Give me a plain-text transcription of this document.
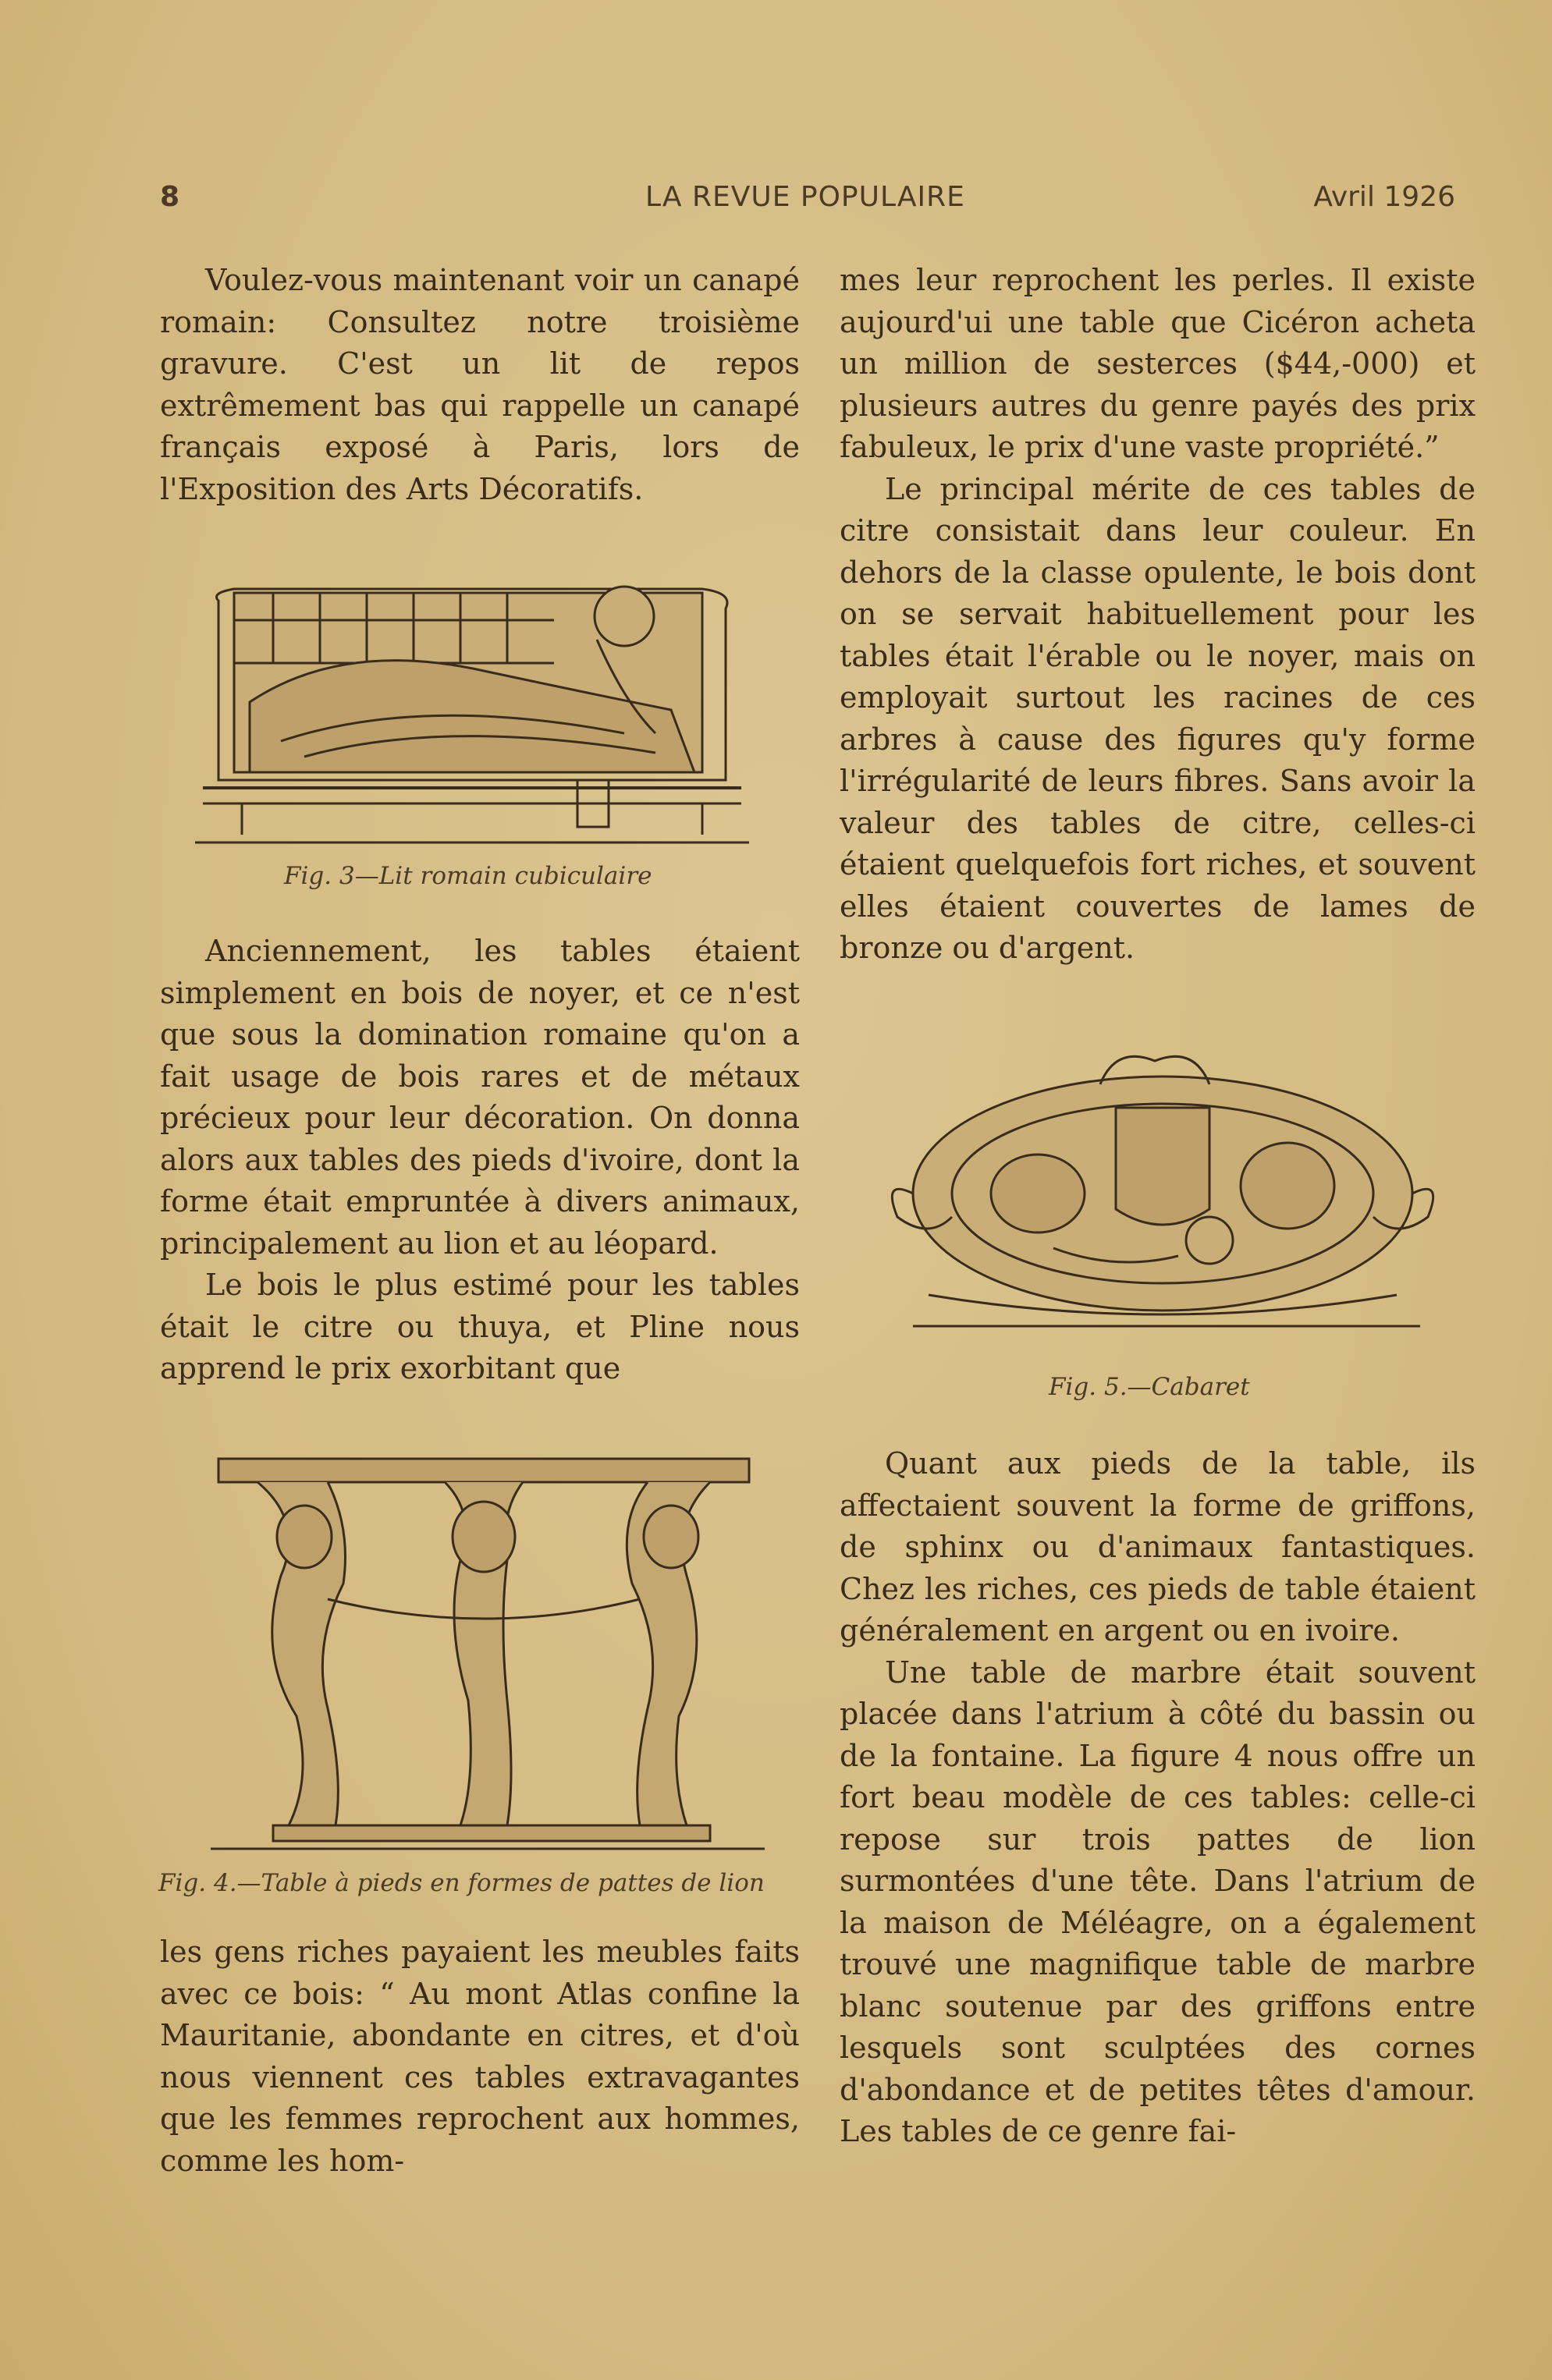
8	LA REVUE POPULAIRE	Avril 1926

Voulez-vous maintenant voir un canapé romain: Consultez notre troisième gravure. C'est un lit de repos extrêmement bas qui rappelle un canapé français exposé à Paris, lors de l'Exposition des Arts Décoratifs.

Fig. 3—Lit romain cubiculaire

Anciennement, les tables étaient simplement en bois de noyer, et ce n'est que sous la domination romaine qu'on a fait usage de bois rares et de métaux précieux pour leur décoration. On donna alors aux tables des pieds d'ivoire, dont la forme était empruntée à divers animaux, principalement au lion et au léopard.

Le bois le plus estimé pour les tables était le citre ou thuya, et Pline nous apprend le prix exorbitant que

Fig. 4.—Table à pieds en formes de pattes de lion

les gens riches payaient les meubles faits avec ce bois: “ Au mont Atlas confine la Mauritanie, abondante en citres, et d'où nous viennent ces tables extravagantes que les femmes reprochent aux hommes, comme les hom-

mes leur reprochent les perles. Il existe aujourd'ui une table que Cicéron acheta un million de sesterces ($44,-000) et plusieurs autres du genre payés des prix fabuleux, le prix d'une vaste propriété.”

Le principal mérite de ces tables de citre consistait dans leur couleur. En dehors de la classe opulente, le bois dont on se servait habituellement pour les tables était l'érable ou le noyer, mais on employait surtout les racines de ces arbres à cause des figures qu'y forme l'irrégularité de leurs fibres. Sans avoir la valeur des tables de citre, celles-ci étaient quelquefois fort riches, et souvent elles étaient couvertes de lames de bronze ou d'argent.

Fig. 5.—Cabaret

Quant aux pieds de la table, ils affectaient souvent la forme de griffons, de sphinx ou d'animaux fantastiques. Chez les riches, ces pieds de table étaient généralement en argent ou en ivoire.

Une table de marbre était souvent placée dans l'atrium à côté du bassin ou de la fontaine. La figure 4 nous offre un fort beau modèle de ces tables: celle-ci repose sur trois pattes de lion surmontées d'une tête. Dans l'atrium de la maison de Méléagre, on a également trouvé une magnifique table de marbre blanc soutenue par des griffons entre lesquels sont sculptées des cornes d'abondance et de petites têtes d'amour. Les tables de ce genre fai-
